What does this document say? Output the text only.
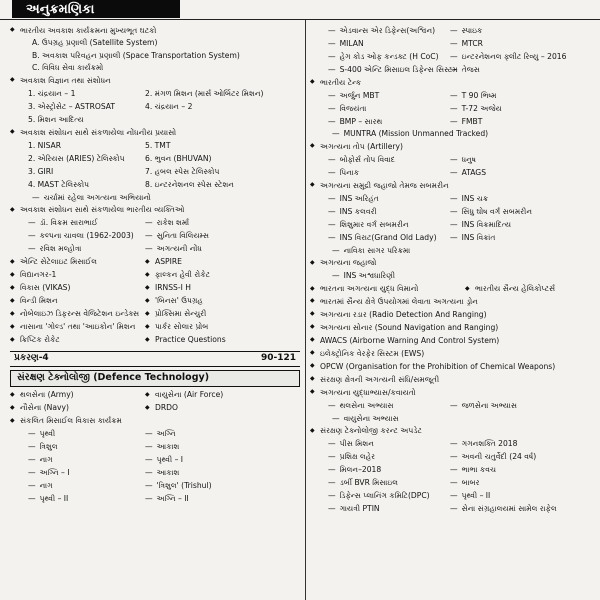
અનુક્રમણિકા
◆ ભારતીય અવકાશ કાર્યક્રમના મુખ્યભૂત ઘટકો
A. ઉપગ્રહ પ્રણાલી (Satellite System)
B. અવકાશ પરિવહન પ્રણાલી (Space Transportation System)
C. વિવિધ સેવા કાર્યક્રમો
◆ અવકાશ વિજ્ઞાન તથા સંશોધન
1. ચંદ્રયાન – 1	2. મંગળ મિશન (માર્સ ઓર્બિટર મિશન)
3. એસ્ટ્રોસેટ – ASTROSAT	4. ચંદ્રયાન – 2
5. મિશન આદિત્ય
◆ અવકાશ સંશોધન સાથે સંકળાયેલા નોંધનીય પ્રયાસો
1. NISAR	5. TMT
2. એરિયસ (ARIES) ટેલિસ્કોપ	6. ભુવન (BHUVAN)
3. GIRI	7. હબલ સ્પેસ ટેલિસ્કોપ
4. MAST ટેલિસ્કોપ	8. ઇન્ટરનેશનલ સ્પેસ સ્ટેશન
— ચર્ચામાં રહેલા અગત્યના અભિયાનો
◆ અવકાશ સંશોધન સાથે સંકળાયેલા ભારતીય વ્યક્તિઓ
— ડૉ. વિક્રમ સારાભાઈ	— રાકેશ શર્મા
— કલ્પના ચાવલા (1962-2003)	— સુનિતા વિલિયમ્સ
— રવિશ મલ્હોત્રા	— અગત્યની નોંધ
◆ એન્ટિ સેટેલાઇટ મિસાઈલ	◆ ASPIRE
◆ વિદ્યાનગર-1	◆ ફાલ્કન હેવી રોકેટ
◆ વિકાસ (VIKAS)	◆ IRNSS-I H
◆ વિન્ડી મિશન	◆ 'બિનસ' ઉપગ્રહ
◆ નોબેલાઇઝ ડિફરન્સ વેજિટેશન ઇન્ડેક્સ	◆ પ્રોક્સિમા સેન્ચુરી
◆ નાસાના 'ગોલ્ડ' તથા 'આઇકોન' મિશન	◆ પાર્કર સોલાર પ્રોબ
◆ ક્રિપ્ટિક રોકેટ	◆ Practice Questions
પ્રકરણ-4	90-121
સંરક્ષણ ટેક્નોલોજી (Defence Technology)
◆ થલસેના (Army)	◆ વાયુસેના (Air Force)
◆ નૌસેના (Navy)	◆ DRDO
◆ સંકલિત મિસાઈલ વિકાસ કાર્યક્રમ
— પૃથ્વી	— અગ્નિ
— ત્રિશુલ	— આકાશ
— નાગ	— પૃથ્વી – I
— અગ્નિ – I	— આકાશ
— નાગ	— 'ત્રિશુલ' (Trishul)
— પૃથ્વી – II	— અગ્નિ – II
— એડવાન્સ એર ડિફેન્સ(અશ્વિન)	— સ્પાઇક
— MILAN	— MTCR
— હેગ કોડ ઓફ કન્ડક્ટ (H CoC)	— ઇન્ટરનેશનલ ફ્લીટ રિવ્યુ – 2016
— S-400 એન્ટિ મિસાઇલ ડિફેન્સ સિસ્ટમ — તેજસ
◆ ભારતીય ટેન્ક
— અર્જુન MBT	— T 90 ભિષ્મ
— વિજયંતા	— T-72 અજેય
— BMP – સારથ	— FMBT
— MUNTRA (Mission Unmanned Tracked)
◆ અગત્યના તોપ (Artillery)
— બોફોર્સ તોપ વિવાદ	— ધનુષ
— પિનાક	— ATAGS
◆ અગત્યના સમુદ્રી જહાજો તેમજ સબમરીન
— INS અરિહંત	— INS ચક્ર
— INS કલવરી	— સિંધુ ઘોષ વર્ગ સબમરીન
— શિશુમાર વર્ગ સબમરીન	— INS વિક્રમાદિત્ય
— INS વિરાટ(Grand Old Lady)	— INS વિક્રાંત
— નાવિકા સાગર પરિક્રમા
◆ અગત્યના જહાજો
— INS અશ્વધારિણી
◆ ભારતના અગત્યના યુદ્ધ વિમાનો	◆ ભારતીય સૈન્ય હેલિકોપ્ટર્સ
◆ ભારતમાં સૈન્ય ક્ષેત્રે ઉપયોગમાં લેવાતા અગત્યના ડ્રોન
◆ અગત્યના રડાર (Radio Detection And Ranging)
◆ અગત્યના સોનાર (Sound Navigation and Ranging)
◆ AWACS (Airborne Warning And Control System)
◆ ઇલેક્ટ્રોનિક વેરફેર સિસ્ટમ (EWS)
◆ OPCW (Organisation for the Prohibition of Chemical Weapons)
◆ સંરક્ષણ ક્ષેત્રની અગત્યની સંધિ/સમજૂતી
◆ અગત્યના યુદ્ધાભ્યાસ/કવાયતો
— થલસેના અભ્યાસ	— જળસેના અભ્યાસ
— વાયુસેના અભ્યાસ
◆ સંરક્ષણ ટેક્નોલોજી કરન્ટ અપડેટ
— પીસ મિશન	— ગગનશક્તિ 2018
— પ્રશિક્ષ લહેર	— અવની ચતુર્વેદી (24 વર્ષ)
— મિલન–2018	— ભાભા કવચ
— ડર્બી BVR મિસાઇલ	— બાબર
— ડિફેન્સ પ્લાનિંગ કમિટિ(DPC)	— પૃથ્વી – II
— ગાયત્રી PTIN	— સેના સંગ્રહાલયમાં સામેલ રાફેલ
